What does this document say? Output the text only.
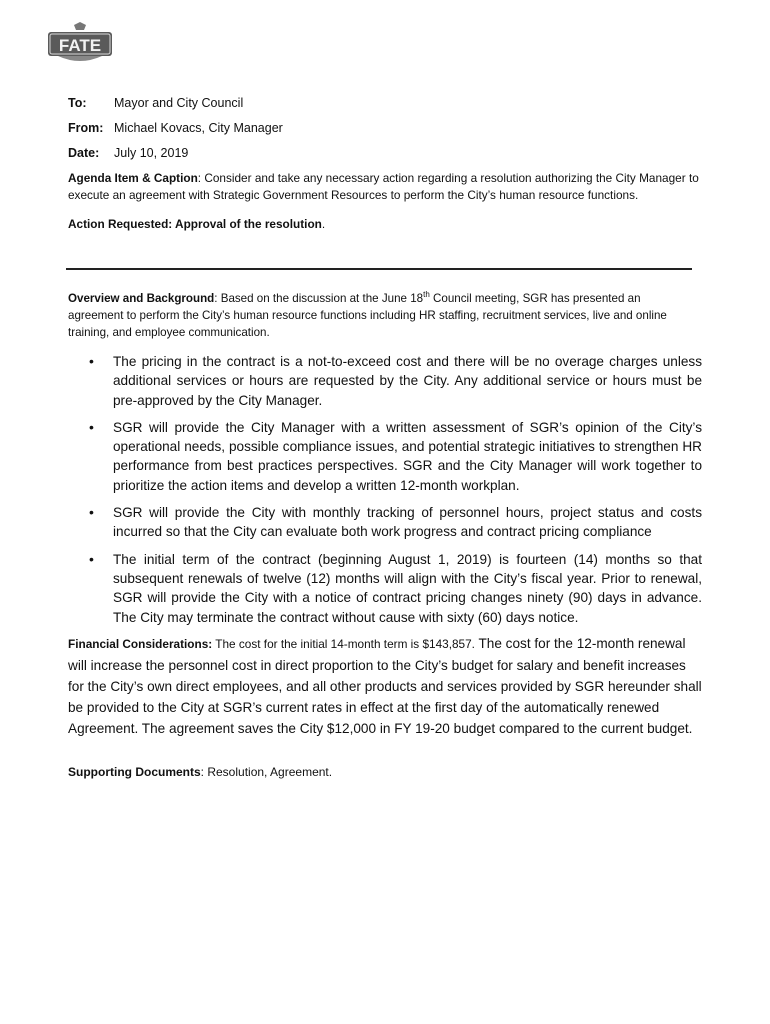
FATE
To:	Mayor and City Council
From: Michael Kovacs, City Manager
Date:	July 10, 2019

Agenda Item & Caption: Consider and take any necessary action regarding a resolution authorizing the City Manager to execute an agreement with Strategic Government Resources to perform the City’s human resource functions.

Action Requested: Approval of the resolution.

Overview and Background: Based on the discussion at the June 18th Council meeting, SGR has presented an agreement to perform the City’s human resource functions including HR staffing, recruitment services, live and online training, and employee communication.
• The pricing in the contract is a not-to-exceed cost and there will be no overage charges unless additional services or hours are requested by the City. Any additional service or hours must be pre-approved by the City Manager.
• SGR will provide the City Manager with a written assessment of SGR’s opinion of the City’s operational needs, possible compliance issues, and potential strategic initiatives to strengthen HR performance from best practices perspectives. SGR and the City Manager will work together to prioritize the action items and develop a written 12-month workplan.
• SGR will provide the City with monthly tracking of personnel hours, project status and costs incurred so that the City can evaluate both work progress and contract pricing compliance
• The initial term of the contract (beginning August 1, 2019) is fourteen (14) months so that subsequent renewals of twelve (12) months will align with the City’s fiscal year. Prior to renewal, SGR will provide the City with a notice of contract pricing changes ninety (90) days in advance. The City may terminate the contract without cause with sixty (60) days notice.
Financial Considerations: The cost for the initial 14-month term is $143,857. The cost for the 12-month renewal will increase the personnel cost in direct proportion to the City’s budget for salary and benefit increases for the City’s own direct employees, and all other products and services provided by SGR hereunder shall be provided to the City at SGR’s current rates in effect at the first day of the automatically renewed Agreement. The agreement saves the City $12,000 in FY 19-20 budget compared to the current budget.
Supporting Documents: Resolution, Agreement.
